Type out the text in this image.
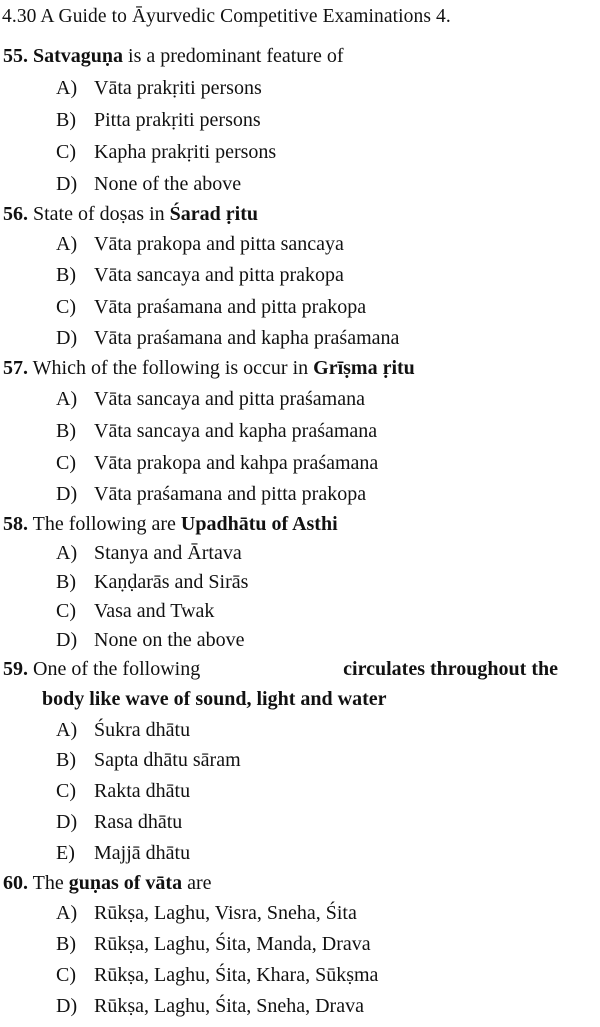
4.30 A Guide to Āyurvedic Competitive Examinations 4.
55. Satvaguṇa is a predominant feature of
A) Vāta prakṛiti persons
B) Pitta prakṛiti persons
C) Kapha prakṛiti persons
D) None of the above
56. State of doṣas in Śarad ṛitu
A) Vāta prakopa and pitta sancaya
B) Vāta sancaya and pitta prakopa
C) Vāta praśamana and pitta prakopa
D) Vāta praśamana and kapha praśamana
57. Which of the following is occur in Grīṣma ṛitu
A) Vāta sancaya and pitta praśamana
B) Vāta sancaya and kapha praśamana
C) Vāta prakopa and kahpa praśamana
D) Vāta praśamana and pitta prakopa
58. The following are Upadhātu of Asthi
A) Stanya and Ārtava
B) Kaṇḍarās and Sirās
C) Vasa and Twak
D) None on the above
59. One of the following	circulates throughout the
body like wave of sound, light and water
A) Śukra dhātu
B) Sapta dhātu sāram
C) Rakta dhātu
D) Rasa dhātu
E) Majjā dhātu
60. The guṇas of vāta are
A) Rūkṣa, Laghu, Visra, Sneha, Śita
B) Rūkṣa, Laghu, Śita, Manda, Drava
C) Rūkṣa, Laghu, Śita, Khara, Sūkṣma
D) Rūkṣa, Laghu, Śita, Sneha, Drava
